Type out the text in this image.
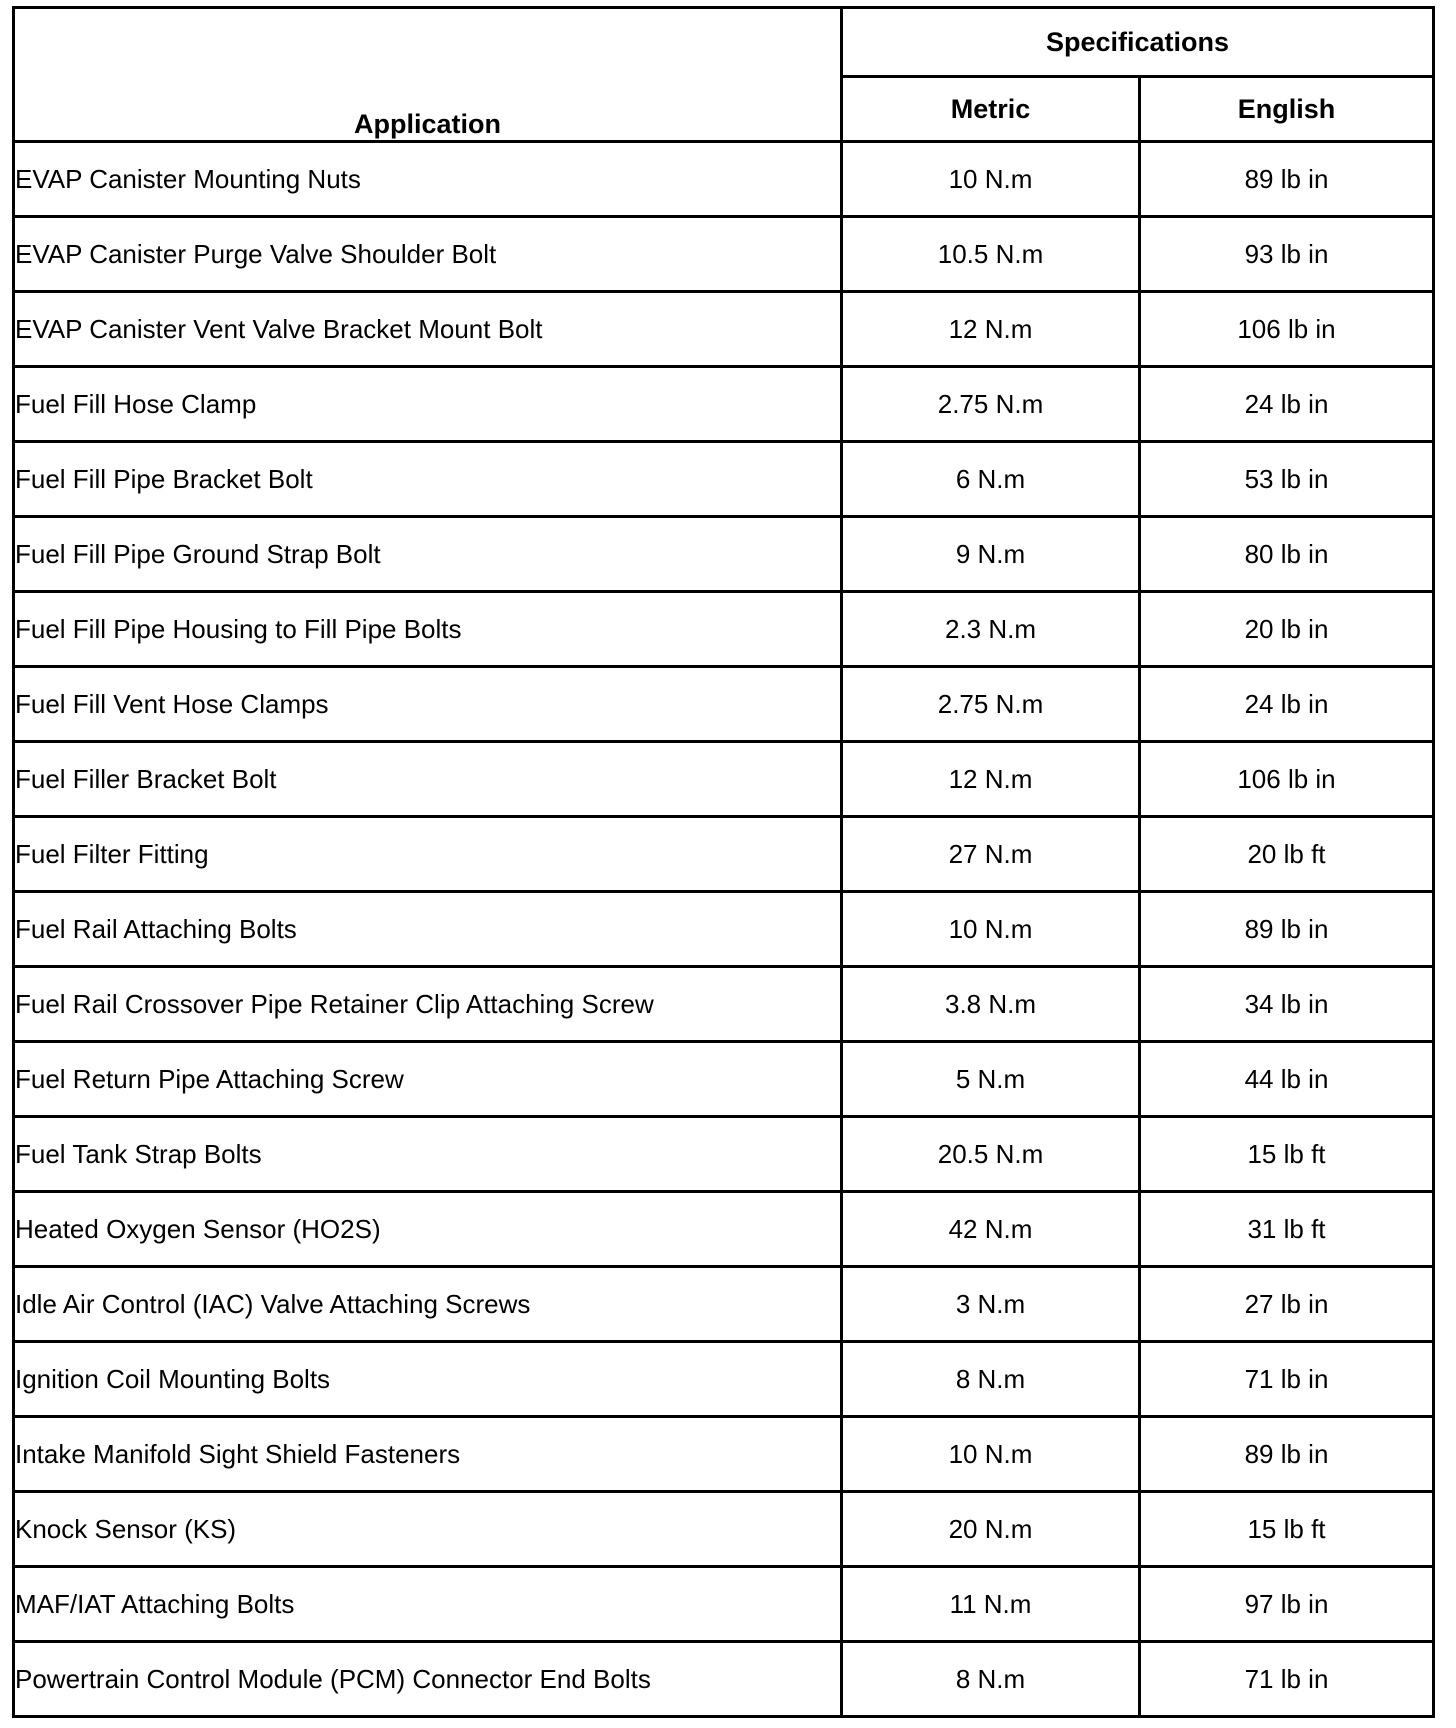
Application	Specifications	
	Metric	English
EVAP Canister Mounting Nuts	10 N.m	89 lb in
EVAP Canister Purge Valve Shoulder Bolt	10.5 N.m	93 lb in
EVAP Canister Vent Valve Bracket Mount Bolt	12 N.m	106 lb in
Fuel Fill Hose Clamp	2.75 N.m	24 lb in
Fuel Fill Pipe Bracket Bolt	6 N.m	53 lb in
Fuel Fill Pipe Ground Strap Bolt	9 N.m	80 lb in
Fuel Fill Pipe Housing to Fill Pipe Bolts	2.3 N.m	20 lb in
Fuel Fill Vent Hose Clamps	2.75 N.m	24 lb in
Fuel Filler Bracket Bolt	12 N.m	106 lb in
Fuel Filter Fitting	27 N.m	20 lb ft
Fuel Rail Attaching Bolts	10 N.m	89 lb in
Fuel Rail Crossover Pipe Retainer Clip Attaching Screw	3.8 N.m	34 lb in
Fuel Return Pipe Attaching Screw	5 N.m	44 lb in
Fuel Tank Strap Bolts	20.5 N.m	15 lb ft
Heated Oxygen Sensor (HO2S)	42 N.m	31 lb ft
Idle Air Control (IAC) Valve Attaching Screws	3 N.m	27 lb in
Ignition Coil Mounting Bolts	8 N.m	71 lb in
Intake Manifold Sight Shield Fasteners	10 N.m	89 lb in
Knock Sensor (KS)	20 N.m	15 lb ft
MAF/IAT Attaching Bolts	11 N.m	97 lb in
Powertrain Control Module (PCM) Connector End Bolts	8 N.m	71 lb in
